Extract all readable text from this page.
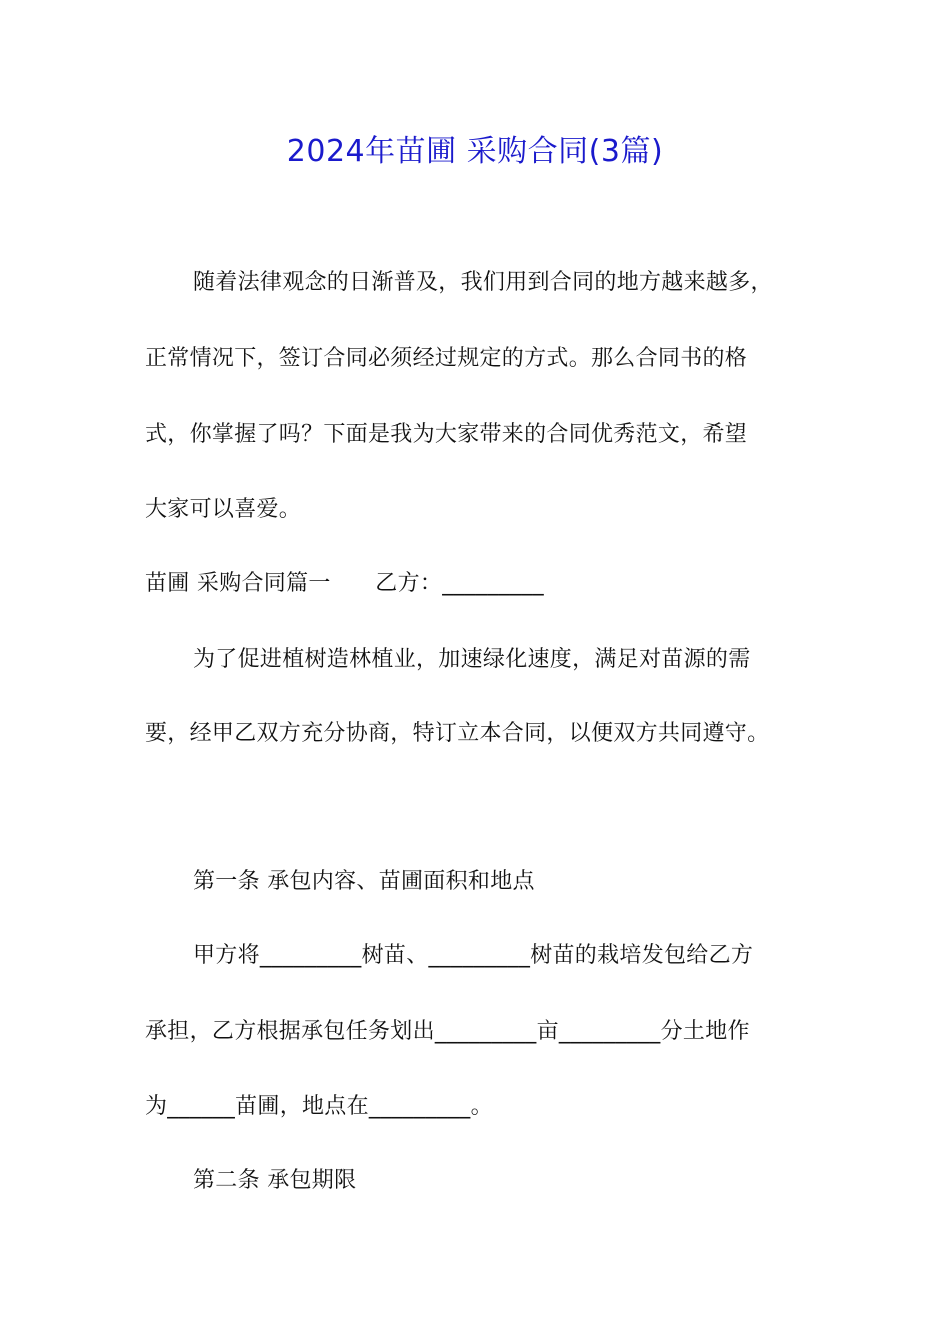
2024年苗圃 采购合同(3篇)
随着法律观念的日渐普及，我们用到合同的地方越来越多，
正常情况下，签订合同必须经过规定的方式。那么合同书的格
式，你掌握了吗？下面是我为大家带来的合同优秀范文，希望
大家可以喜爱。
苗圃 采购合同篇一　　乙方：_________
为了促进植树造林植业，加速绿化速度，满足对苗源的需
要，经甲乙双方充分协商，特订立本合同，以便双方共同遵守。
第一条 承包内容、苗圃面积和地点
甲方将_________树苗、_________树苗的栽培发包给乙方
承担，乙方根据承包任务划出_________亩_________分土地作
为______苗圃，地点在_________。
第二条 承包期限
